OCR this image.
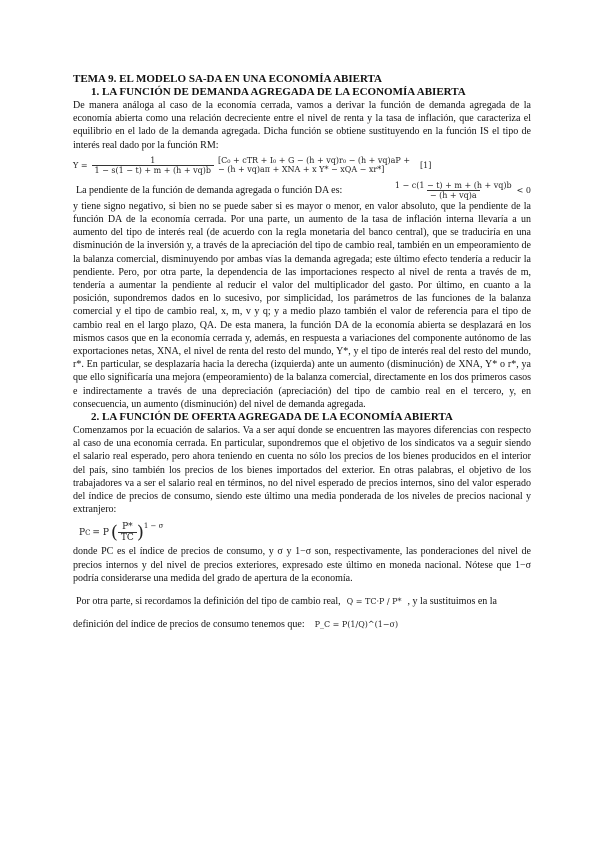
TEMA 9. EL MODELO SA-DA EN UNA ECONOMÍA ABIERTA
1. LA FUNCIÓN DE DEMANDA AGREGADA DE LA ECONOMÍA ABIERTA

De manera análoga al caso de la economía cerrada, vamos a derivar la función de demanda agregada de la economía abierta como una relación decreciente entre el nivel de renta y la tasa de inflación, que caracteriza el equilibrio en el lado de la demanda agregada. Dicha función se obtiene sustituyendo en la función IS el tipo de interés real dado por la función RM:

$Y = \frac{1}{1 - s(1 - t) + m + (h + vq)b} [C_0$ + cTR + I₀ + G − (h + vq)r₀ − (h + vq)aP +
− (h + vq)aπ + XNA + x Y* − xQA − xr*]	[1]

La pendiente de la función de demanda agregada o función DA es:	$\frac{1 - c(1 - t) + m + (h + vq)b}{- (h + vq)a} < 0$

y tiene signo negativo, si bien no se puede saber si es mayor o menor, en valor absoluto, que la pendiente de la función DA de la economía cerrada. Por una parte, un aumento de la tasa de inflación interna llevaría a un aumento del tipo de interés real (de acuerdo con la regla monetaria del banco central), que se traduciría en una disminución de la inversión y, a través de la apreciación del tipo de cambio real, también en un empeoramiento de la balanza comercial, disminuyendo por ambas vías la demanda agregada; este último efecto tendería a reducir la pendiente. Pero, por otra parte, la dependencia de las importaciones respecto al nivel de renta a través de m, tendería a aumentar la pendiente al reducir el valor del multiplicador del gasto. Por último, en cuanto a la posición, supondremos dados en lo sucesivo, por simplicidad, los parámetros de las funciones de la balanza comercial y el tipo de cambio real, x, m, v y q; y a medio plazo también el valor de referencia para el tipo de cambio real en el largo plazo, QA. De esta manera, la función DA de la economía abierta se desplazará en los mismos casos que en la economía cerrada y, además, en respuesta a variaciones del componente autónomo de las exportaciones netas, XNA, el nivel de renta del resto del mundo, Y*, y el tipo de interés real del resto del mundo, r*. En particular, se desplazaría hacia la derecha (izquierda) ante un aumento (disminución) de XNA, Y* o r*, ya que ello significaría una mejora (empeoramiento) de la balanza comercial, directamente en los dos primeros casos e indirectamente a través de una depreciación (apreciación) del tipo de cambio real en el tercero, y, en consecuencia, un aumento (disminución) del nivel de demanda agregada.

2. LA FUNCIÓN DE OFERTA AGREGADA DE LA ECONOMÍA ABIERTA

Comenzamos por la ecuación de salarios. Va a ser aquí donde se encuentren las mayores diferencias con respecto al caso de una economía cerrada. En particular, supondremos que el objetivo de los sindicatos va a seguir siendo el salario real esperado, pero ahora teniendo en cuenta no sólo los precios de los bienes producidos en el interior del país, sino también los precios de los bienes importados del exterior. En otras palabras, el objetivo de los trabajadores va a ser el salario real en términos, no del nivel esperado de precios internos, sino del valor esperado del índice de precios de consumo, siendo este último una media ponderada de los niveles de precios nacional y extranjero:

P C = P ( $\frac{P*}{TC} )^{1 - \sigma}$

donde PC es el índice de precios de consumo, y σ y 1−σ son, respectivamente, las ponderaciones del nivel de precios internos y del nivel de precios exteriores, expresado este último en moneda nacional. Nótese que 1−σ podría considerarse una medida del grado de apertura de la economía.

Por otra parte, si recordamos la definición del tipo de cambio real, Q = TC·P / P* , y la sustituimos en la

definición del índice de precios de consumo tenemos que: P_C = P(1/Q)^(1−σ)
